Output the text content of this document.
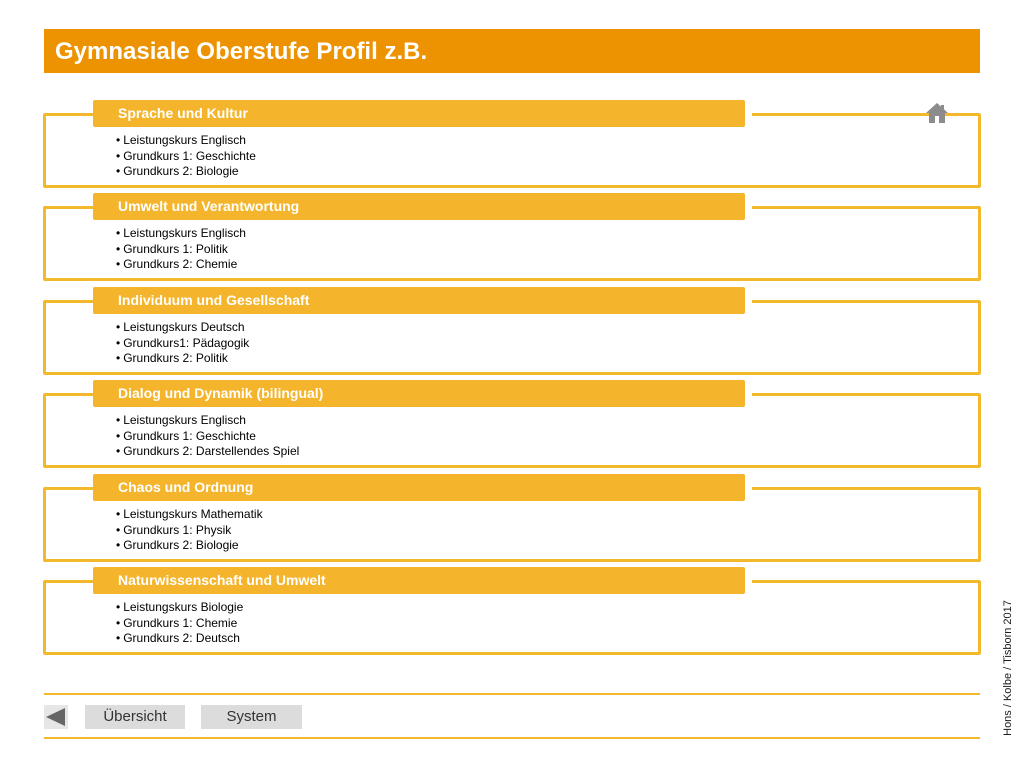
Gymnasiale Oberstufe Profil z.B.
Sprache und Kultur
• Leistungskurs Englisch
• Grundkurs 1: Geschichte
• Grundkurs 2: Biologie
Umwelt und Verantwortung
• Leistungskurs Englisch
• Grundkurs 1: Politik
• Grundkurs 2: Chemie
Individuum und Gesellschaft
• Leistungskurs Deutsch
• Grundkurs1: Pädagogik
• Grundkurs 2: Politik
Dialog und Dynamik (bilingual)
• Leistungskurs Englisch
• Grundkurs 1: Geschichte
• Grundkurs 2: Darstellendes Spiel
Chaos und Ordnung
• Leistungskurs Mathematik
• Grundkurs 1: Physik
• Grundkurs 2: Biologie
Naturwissenschaft und Umwelt
• Leistungskurs Biologie
• Grundkurs 1: Chemie
• Grundkurs 2: Deutsch	Hons / Kolbe / Tisborn 2017
Übersicht	System
